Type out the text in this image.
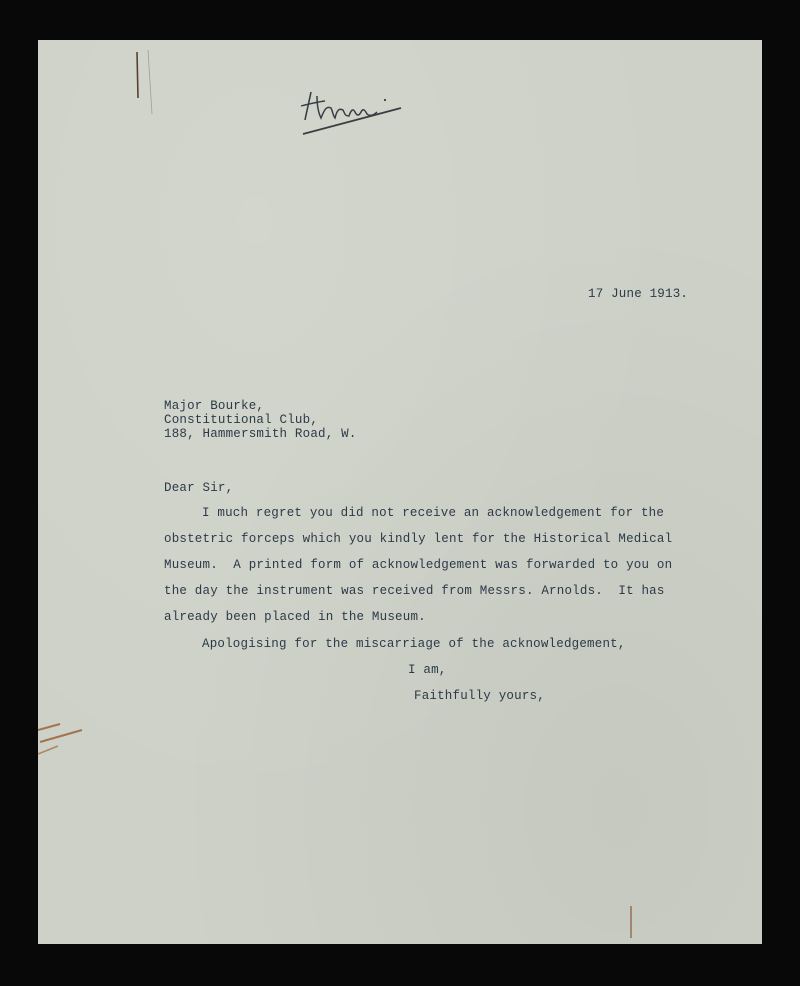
17 June 1913.
Major Bourke,
Constitutional Club,
188, Hammersmith Road, W.
Dear Sir,
I much regret you did not receive an acknowledgement for the
obstetric forceps which you kindly lent for the Historical Medical
Museum.  A printed form of acknowledgement was forwarded to you on
the day the instrument was received from Messrs. Arnolds.  It has
already been placed in the Museum.
Apologising for the miscarriage of the acknowledgement,
I am,
Faithfully yours,
